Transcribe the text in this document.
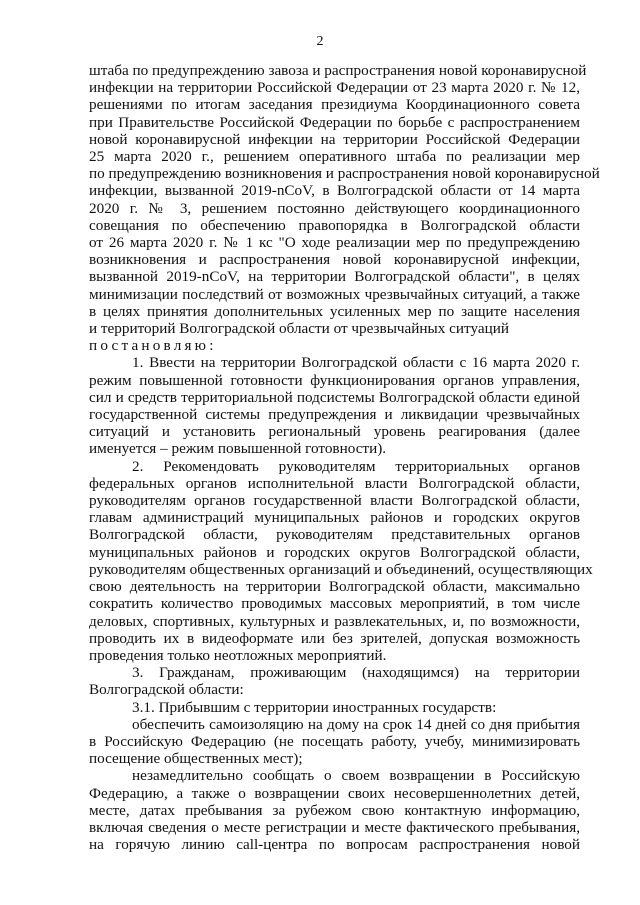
2
штаба по предупреждению завоза и распространения новой коронавирусной
инфекции на территории Российской Федерации от 23 марта 2020 г. № 12,
решениями по итогам заседания президиума Координационного совета
при Правительстве Российской Федерации по борьбе с распространением
новой коронавирусной инфекции на территории Российской Федерации
25 марта 2020 г., решением оперативного штаба по реализации мер
по предупреждению возникновения и распространения новой коронавирусной
инфекции, вызванной 2019-nCoV, в Волгоградской области от 14 марта
2020 г. № 3, решением постоянно действующего координационного
совещания по обеспечению правопорядка в Волгоградской области
от 26 марта 2020 г. № 1 кс "О ходе реализации мер по предупреждению
возникновения и распространения новой коронавирусной инфекции,
вызванной 2019-nCoV, на территории Волгоградской области", в целях
минимизации последствий от возможных чрезвычайных ситуаций, а также
в целях принятия дополнительных усиленных мер по защите населения
и территорий Волгоградской области от чрезвычайных ситуаций
постановляю:
1. Ввести на территории Волгоградской области с 16 марта 2020 г.
режим повышенной готовности функционирования органов управления,
сил и средств территориальной подсистемы Волгоградской области единой
государственной системы предупреждения и ликвидации чрезвычайных
ситуаций и установить региональный уровень реагирования (далее
именуется – режим повышенной готовности).
2. Рекомендовать руководителям территориальных органов
федеральных органов исполнительной власти Волгоградской области,
руководителям органов государственной власти Волгоградской области,
главам администраций муниципальных районов и городских округов
Волгоградской области, руководителям представительных органов
муниципальных районов и городских округов Волгоградской области,
руководителям общественных организаций и объединений, осуществляющих
свою деятельность на территории Волгоградской области, максимально
сократить количество проводимых массовых мероприятий, в том числе
деловых, спортивных, культурных и развлекательных, и, по возможности,
проводить их в видеоформате или без зрителей, допуская возможность
проведения только неотложных мероприятий.
3. Гражданам, проживающим (находящимся) на территории
Волгоградской области:
3.1. Прибывшим с территории иностранных государств:
обеспечить самоизоляцию на дому на срок 14 дней со дня прибытия
в Российскую Федерацию (не посещать работу, учебу, минимизировать
посещение общественных мест);
незамедлительно сообщать о своем возвращении в Российскую
Федерацию, а также о возвращении своих несовершеннолетних детей,
месте, датах пребывания за рубежом свою контактную информацию,
включая сведения о месте регистрации и месте фактического пребывания,
на горячую линию call-центра по вопросам распространения новой
